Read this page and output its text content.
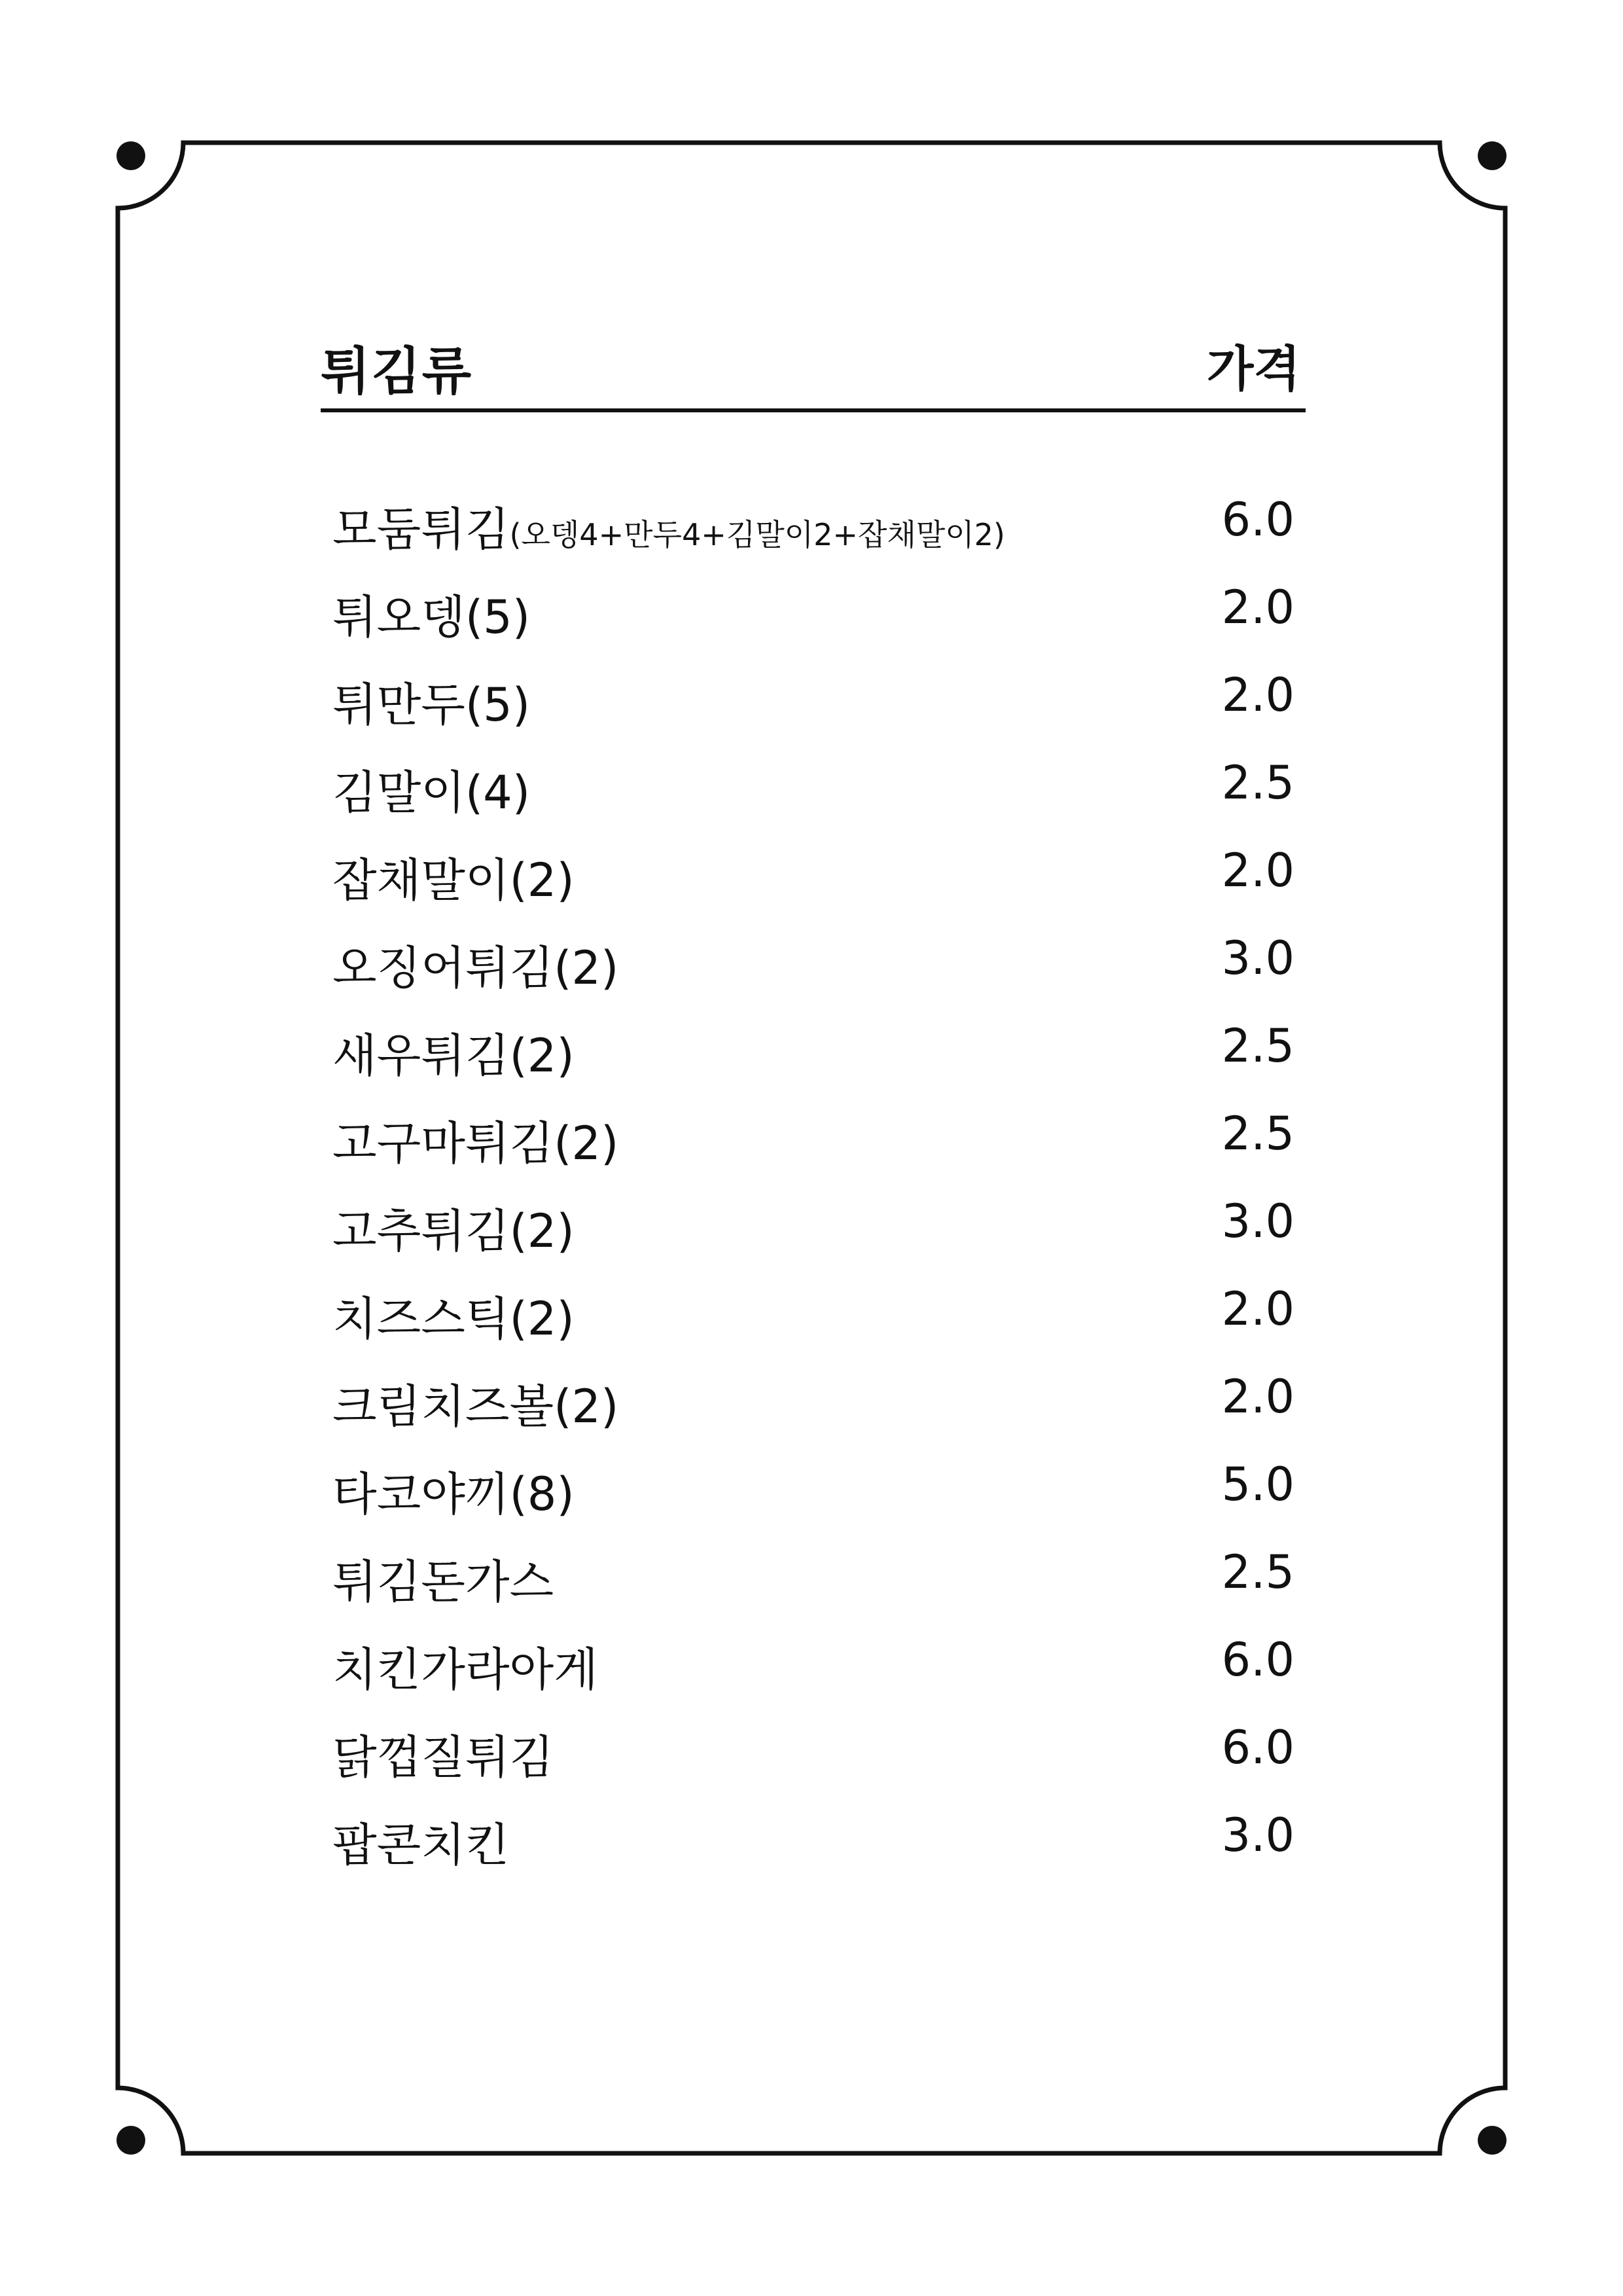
튀김류	가격
모둠튀김(오뎅4+만두4+김말이2+잡채말이2)	6.0
튀오뎅(5)	2.0
튀만두(5)	2.0
김말이(4)	2.5
잡채말이(2)	2.0
오징어튀김(2)	3.0
새우튀김(2)	2.5
고구마튀김(2)	2.5
고추튀김(2)	3.0
치즈스틱(2)	2.0
크림치즈볼(2)	2.0
타코야끼(8)	5.0
튀김돈가스	2.5
치킨가라아게	6.0
닭껍질튀김	6.0
팝콘치킨	3.0
